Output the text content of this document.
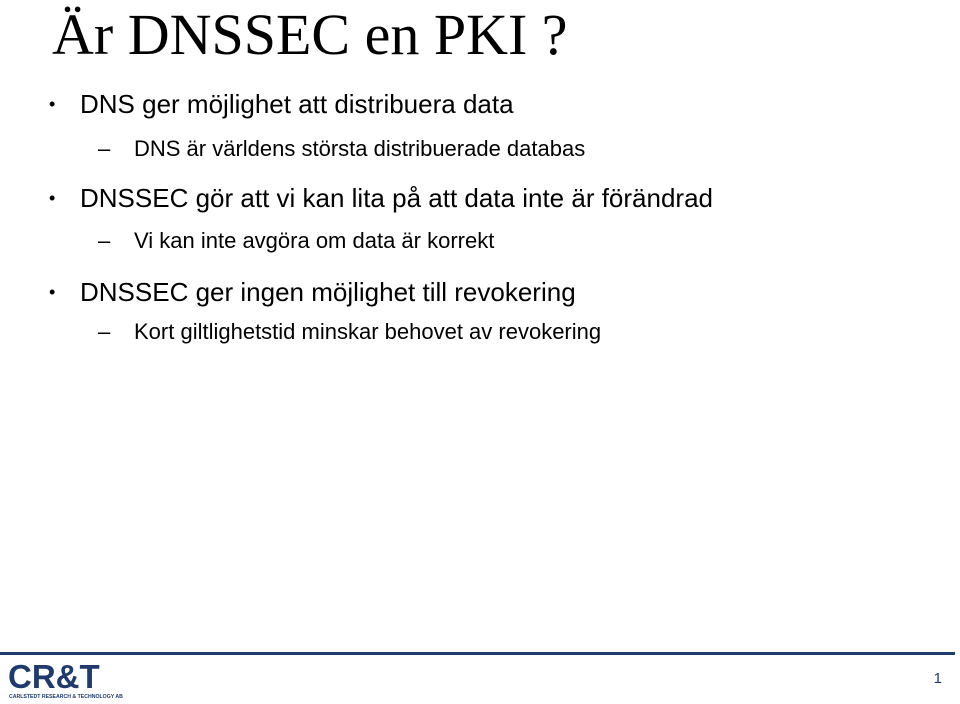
Är DNSSEC en PKI ?
• DNS ger möjlighet att distribuera data
– DNS är världens största distribuerade databas
• DNSSEC gör att vi kan lita på att data inte är förändrad
– Vi kan inte avgöra om data är korrekt
• DNSSEC ger ingen möjlighet till revokering
– Kort giltlighetstid minskar behovet av revokering
CR&T
CARLSTEDT RESEARCH & TECHNOLOGY AB
1
